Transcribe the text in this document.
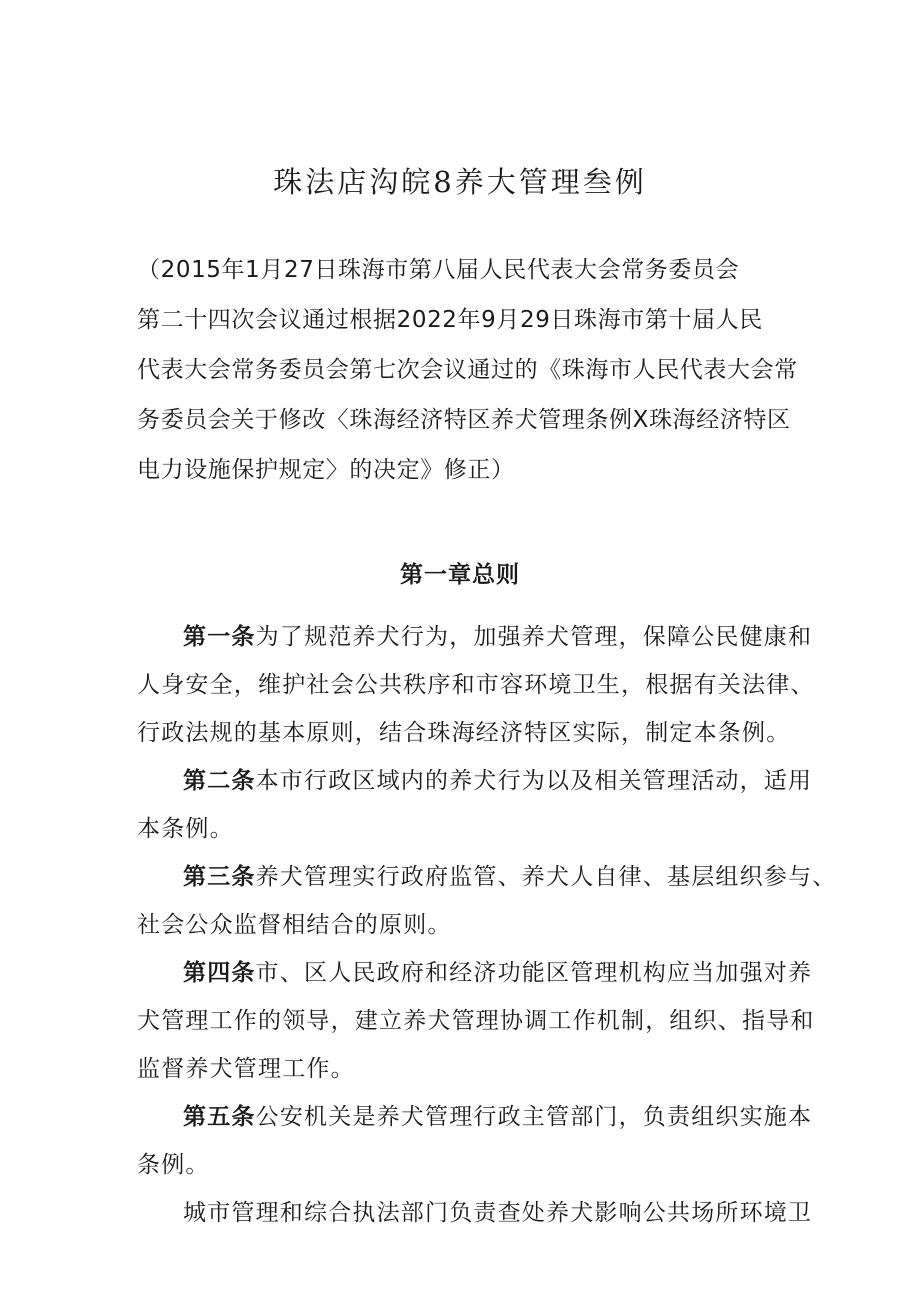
珠法店沟皖8养大管理叁例

（2015年1月27日珠海市第八届人民代表大会常务委员会
第二十四次会议通过根据2022年9月29日珠海市第十届人民
代表大会常务委员会第七次会议通过的《珠海市人民代表大会常
务委员会关于修改〈珠海经济特区养犬管理条例X珠海经济特区
电力设施保护规定〉的决定》修正）

第一章总则
第一条为了规范养犬行为，加强养犬管理，保障公民健康和
人身安全，维护社会公共秩序和市容环境卫生，根据有关法律、
行政法规的基本原则，结合珠海经济特区实际，制定本条例。
第二条本市行政区域内的养犬行为以及相关管理活动，适用
本条例。
第三条养犬管理实行政府监管、养犬人自律、基层组织参与、
社会公众监督相结合的原则。
第四条市、区人民政府和经济功能区管理机构应当加强对养
犬管理工作的领导，建立养犬管理协调工作机制，组织、指导和
监督养犬管理工作。
第五条公安机关是养犬管理行政主管部门，负责组织实施本
条例。
城市管理和综合执法部门负责查处养犬影响公共场所环境卫
